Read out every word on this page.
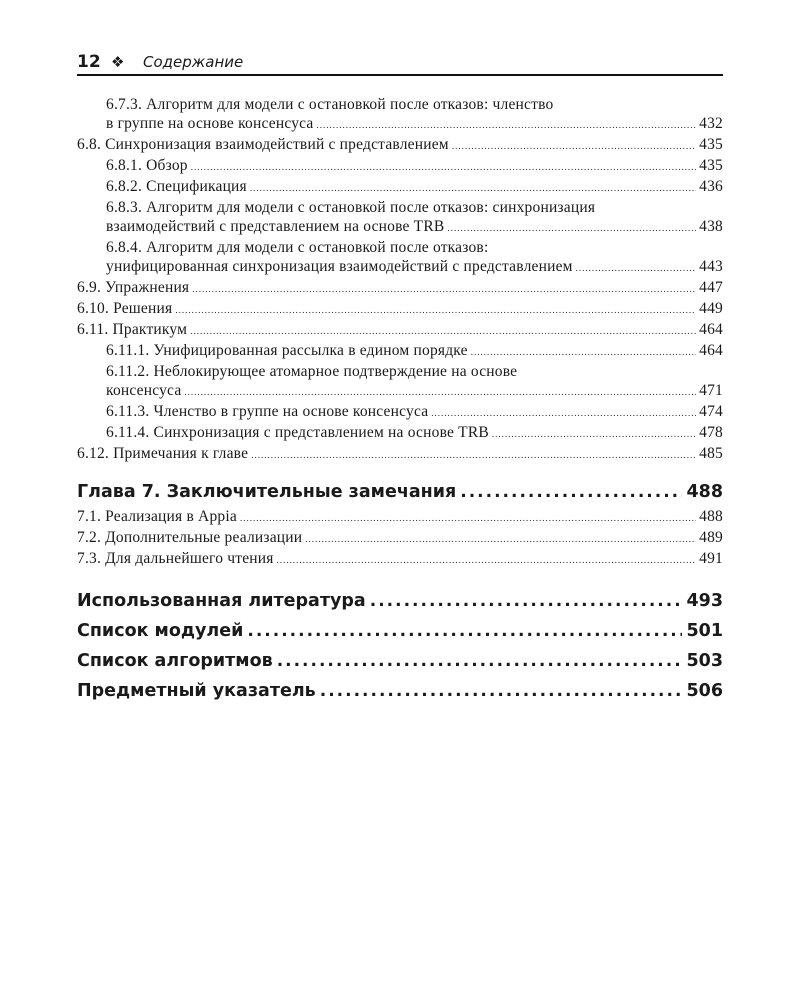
12 ❖ Содержание
6.7.3. Алгоритм для модели с остановкой после отказов: членство
в группе на основе консенсуса .....	432
6.8. Синхронизация взаимодействий с представлением .....	435
6.8.1. Обзор .....	435
6.8.2. Спецификация .....	436
6.8.3. Алгоритм для модели с остановкой после отказов: синхронизация
взаимодействий с представлением на основе TRB .....	438
6.8.4. Алгоритм для модели с остановкой после отказов:
унифицированная синхронизация взаимодействий с представлением .....	443
6.9. Упражнения .....	447
6.10. Решения .....	449
6.11. Практикум .....	464
6.11.1. Унифицированная рассылка в едином порядке .....	464
6.11.2. Неблокирующее атомарное подтверждение на основе
консенсуса .....	471
6.11.3. Членство в группе на основе консенсуса .....	474
6.11.4. Синхронизация с представлением на основе TRB .....	478
6.12. Примечания к главе .....	485
Глава 7. Заключительные замечания .....	488
7.1. Реализация в Appia .....	488
7.2. Дополнительные реализации .....	489
7.3. Для дальнейшего чтения .....	491
Использованная литература .....	493
Список модулей .....	501
Список алгоритмов .....	503
Предметный указатель .....	506
